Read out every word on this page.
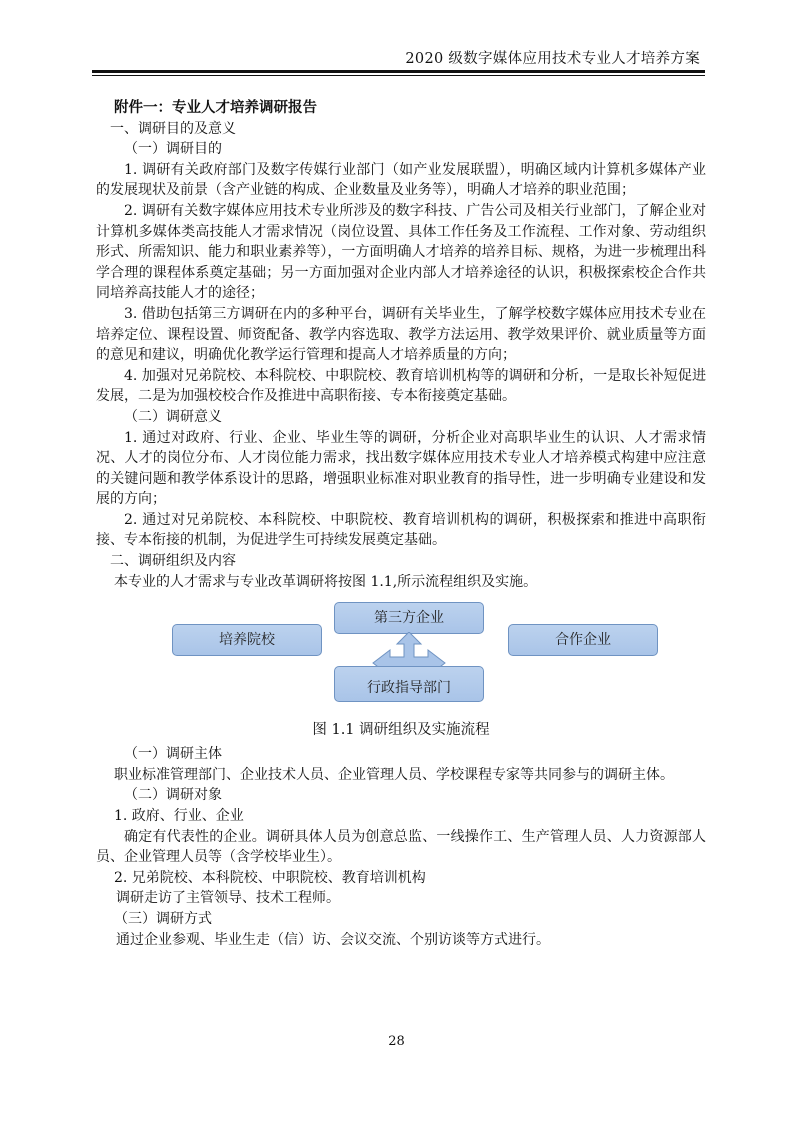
2020 级数字媒体应用技术专业人才培养方案
附件一：专业人才培养调研报告
一、调研目的及意义
（一）调研目的
1. 调研有关政府部门及数字传媒行业部门（如产业发展联盟），明确区域内计算机多媒体产业的发展现状及前景（含产业链的构成、企业数量及业务等），明确人才培养的职业范围；
2. 调研有关数字媒体应用技术专业所涉及的数字科技、广告公司及相关行业部门，了解企业对计算机多媒体类高技能人才需求情况（岗位设置、具体工作任务及工作流程、工作对象、劳动组织形式、所需知识、能力和职业素养等），一方面明确人才培养的培养目标、规格，为进一步梳理出科学合理的课程体系奠定基础；另一方面加强对企业内部人才培养途径的认识，积极探索校企合作共同培养高技能人才的途径；
3. 借助包括第三方调研在内的多种平台，调研有关毕业生，了解学校数字媒体应用技术专业在培养定位、课程设置、师资配备、教学内容选取、教学方法运用、教学效果评价、就业质量等方面的意见和建议，明确优化教学运行管理和提高人才培养质量的方向；
4. 加强对兄弟院校、本科院校、中职院校、教育培训机构等的调研和分析，一是取长补短促进发展，二是为加强校校合作及推进中高职衔接、专本衔接奠定基础。
（二）调研意义
1. 通过对政府、行业、企业、毕业生等的调研，分析企业对高职毕业生的认识、人才需求情况、人才的岗位分布、人才岗位能力需求，找出数字媒体应用技术专业人才培养模式构建中应注意的关键问题和教学体系设计的思路，增强职业标准对职业教育的指导性，进一步明确专业建设和发展的方向；
2. 通过对兄弟院校、本科院校、中职院校、教育培训机构的调研，积极探索和推进中高职衔接、专本衔接的机制，为促进学生可持续发展奠定基础。
二、调研组织及内容
本专业的人才需求与专业改革调研将按图 1.1,所示流程组织及实施。
培养院校
第三方企业
合作企业
行政指导部门
图 1.1 调研组织及实施流程
（一）调研主体
职业标准管理部门、企业技术人员、企业管理人员、学校课程专家等共同参与的调研主体。
（二）调研对象
1. 政府、行业、企业
确定有代表性的企业。调研具体人员为创意总监、一线操作工、生产管理人员、人力资源部人员、企业管理人员等（含学校毕业生）。
2. 兄弟院校、本科院校、中职院校、教育培训机构
调研走访了主管领导、技术工程师。
（三）调研方式
通过企业参观、毕业生走（信）访、会议交流、个别访谈等方式进行。
28
